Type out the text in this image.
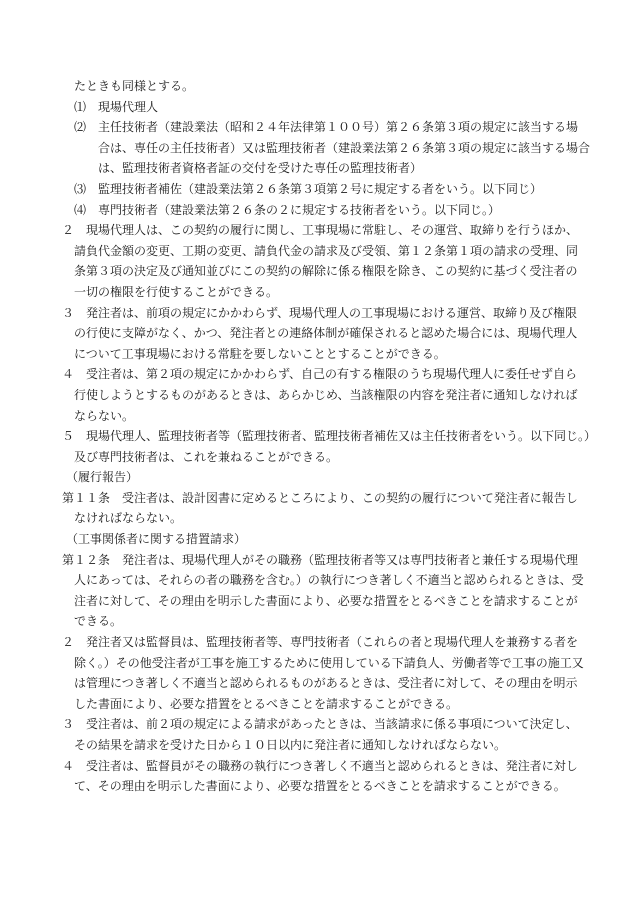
たときも同様とする。
⑴　現場代理人
⑵　主任技術者（建設業法（昭和２４年法律第１００号）第２６条第３項の規定に該当する場
　　合は、専任の主任技術者）又は監理技術者（建設業法第２６条第３項の規定に該当する場合
　　は、監理技術者資格者証の交付を受けた専任の監理技術者）
⑶　監理技術者補佐（建設業法第２６条第３項第２号に規定する者をいう。以下同じ）
⑷　専門技術者（建設業法第２６条の２に規定する技術者をいう。以下同じ。）
２　現場代理人は、この契約の履行に関し、工事現場に常駐し、その運営、取締りを行うほか、
　請負代金額の変更、工期の変更、請負代金の請求及び受領、第１２条第１項の請求の受理、同
　条第３項の決定及び通知並びにこの契約の解除に係る権限を除き、この契約に基づく受注者の
　一切の権限を行使することができる。
３　発注者は、前項の規定にかかわらず、現場代理人の工事現場における運営、取締り及び権限
　の行使に支障がなく、かつ、発注者との連絡体制が確保されると認めた場合には、現場代理人
　について工事現場における常駐を要しないこととすることができる。
４　受注者は、第２項の規定にかかわらず、自己の有する権限のうち現場代理人に委任せず自ら
　行使しようとするものがあるときは、あらかじめ、当該権限の内容を発注者に通知しなければ
　ならない。
５　現場代理人、監理技術者等（監理技術者、監理技術者補佐又は主任技術者をいう。以下同じ。）
　及び専門技術者は、これを兼ねることができる。
（履行報告）
第１１条　受注者は、設計図書に定めるところにより、この契約の履行について発注者に報告し
　なければならない。
（工事関係者に関する措置請求）
第１２条　発注者は、現場代理人がその職務（監理技術者等又は専門技術者と兼任する現場代理
　人にあっては、それらの者の職務を含む。）の執行につき著しく不適当と認められるときは、受
　注者に対して、その理由を明示した書面により、必要な措置をとるべきことを請求することが
　できる。
２　発注者又は監督員は、監理技術者等、専門技術者（これらの者と現場代理人を兼務する者を
　除く。）その他受注者が工事を施工するために使用している下請負人、労働者等で工事の施工又
　は管理につき著しく不適当と認められるものがあるときは、受注者に対して、その理由を明示
　した書面により、必要な措置をとるべきことを請求することができる。
３　受注者は、前２項の規定による請求があったときは、当該請求に係る事項について決定し、
　その結果を請求を受けた日から１０日以内に発注者に通知しなければならない。
４　受注者は、監督員がその職務の執行につき著しく不適当と認められるときは、発注者に対し
　て、その理由を明示した書面により、必要な措置をとるべきことを請求することができる。
